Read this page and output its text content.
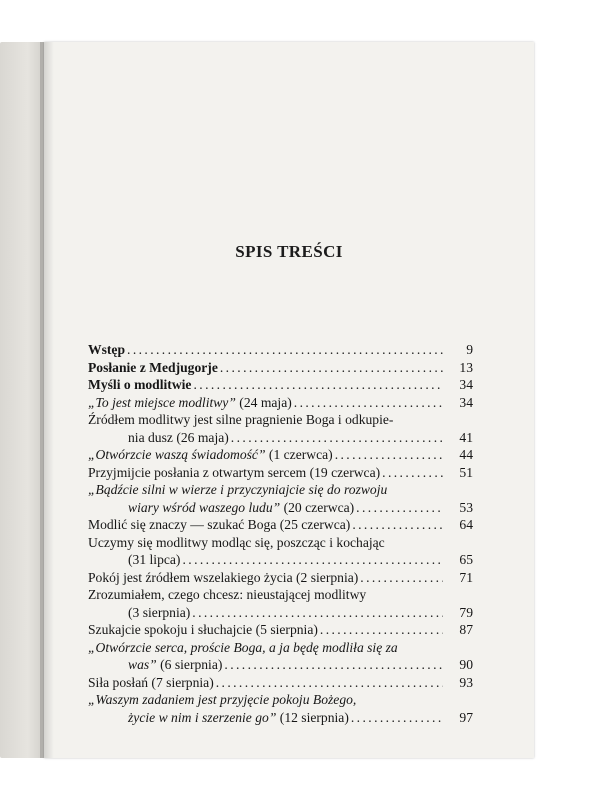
SPIS TREŚCI
Wstęp . . .	9
Posłanie z Medjugorje . . .	13
Myśli o modlitwie . . .	34
„To jest miejsce modlitwy” (24 maja) . . .	34
Źródłem modlitwy jest silne pragnienie Boga i odkupie-
nia dusz (26 maja) . . .	41
„Otwórzcie waszą świadomość” (1 czerwca) . . .	44
Przyjmijcie posłania z otwartym sercem (19 czerwca) . . .	51
„Bądźcie silni w wierze i przyczyniajcie się do rozwoju
wiary wśród waszego ludu” (20 czerwca) . . .	53
Modlić się znaczy — szukać Boga (25 czerwca) . . .	64
Uczymy się modlitwy modląc się, poszcząc i kochając
(31 lipca) . . .	65
Pokój jest źródłem wszelakiego życia (2 sierpnia) . . .	71
Zrozumiałem, czego chcesz: nieustającej modlitwy
(3 sierpnia) . . .	79
Szukajcie spokoju i słuchajcie (5 sierpnia) . . .	87
„Otwórzcie serca, proście Boga, a ja będę modliła się za
was” (6 sierpnia) . . .	90
Siła posłań (7 sierpnia) . . .	93
„Waszym zadaniem jest przyjęcie pokoju Bożego,
życie w nim i szerzenie go” (12 sierpnia) . . .	97
